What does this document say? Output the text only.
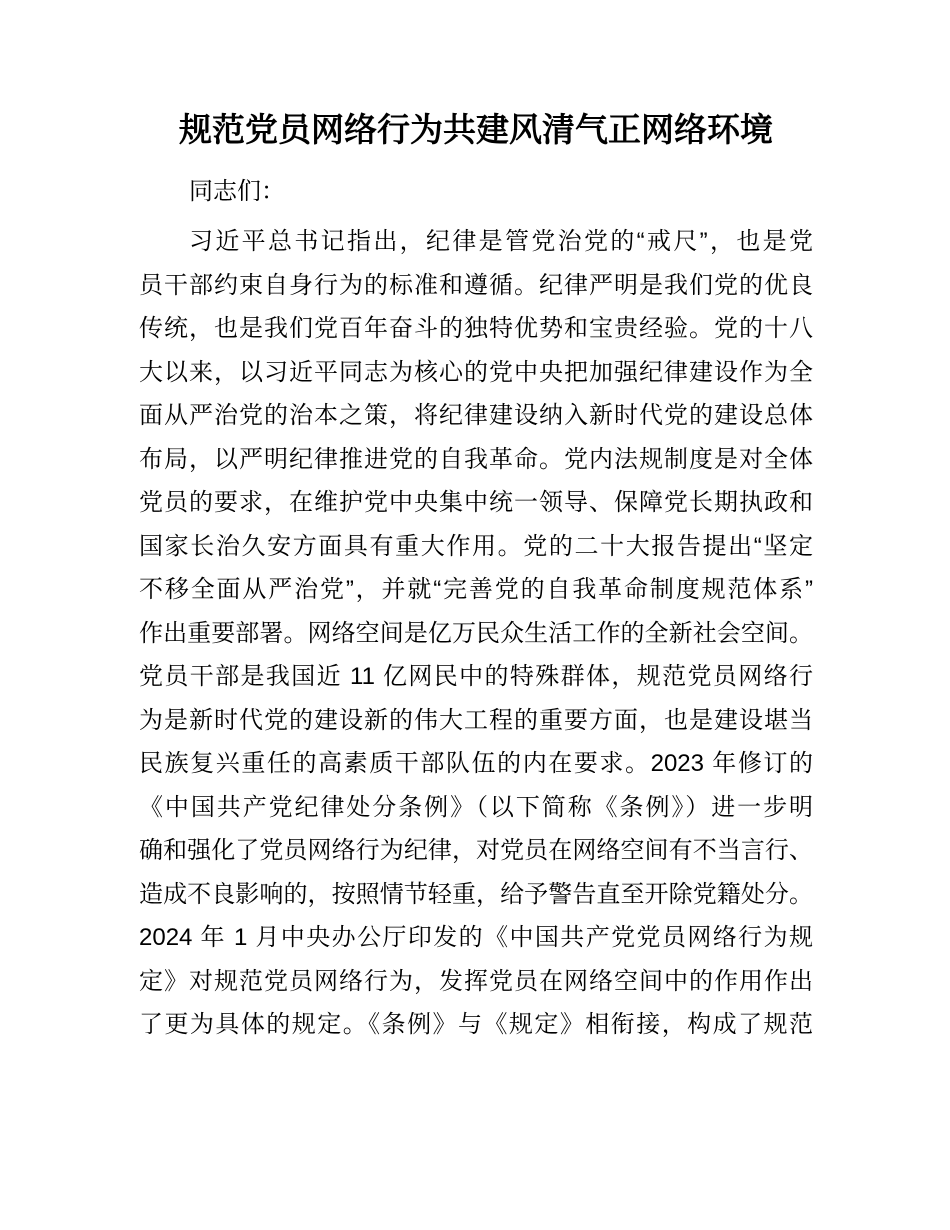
规范党员网络行为共建风清气正网络环境
同志们：
习近平总书记指出，纪律是管党治党的“戒尺”，也是党
员干部约束自身行为的标准和遵循。纪律严明是我们党的优良
传统，也是我们党百年奋斗的独特优势和宝贵经验。党的十八
大以来，以习近平同志为核心的党中央把加强纪律建设作为全
面从严治党的治本之策，将纪律建设纳入新时代党的建设总体
布局，以严明纪律推进党的自我革命。党内法规制度是对全体
党员的要求，在维护党中央集中统一领导、保障党长期执政和
国家长治久安方面具有重大作用。党的二十大报告提出“坚定
不移全面从严治党”，并就“完善党的自我革命制度规范体系”
作出重要部署。网络空间是亿万民众生活工作的全新社会空间。
党员干部是我国近 11 亿网民中的特殊群体，规范党员网络行
为是新时代党的建设新的伟大工程的重要方面，也是建设堪当
民族复兴重任的高素质干部队伍的内在要求。2023 年修订的
《中国共产党纪律处分条例》（以下简称《条例》）进一步明
确和强化了党员网络行为纪律，对党员在网络空间有不当言行、
造成不良影响的，按照情节轻重，给予警告直至开除党籍处分。
2024 年 1 月中央办公厅印发的《中国共产党党员网络行为规
定》对规范党员网络行为，发挥党员在网络空间中的作用作出
了更为具体的规定。《条例》与《规定》相衔接，构成了规范
